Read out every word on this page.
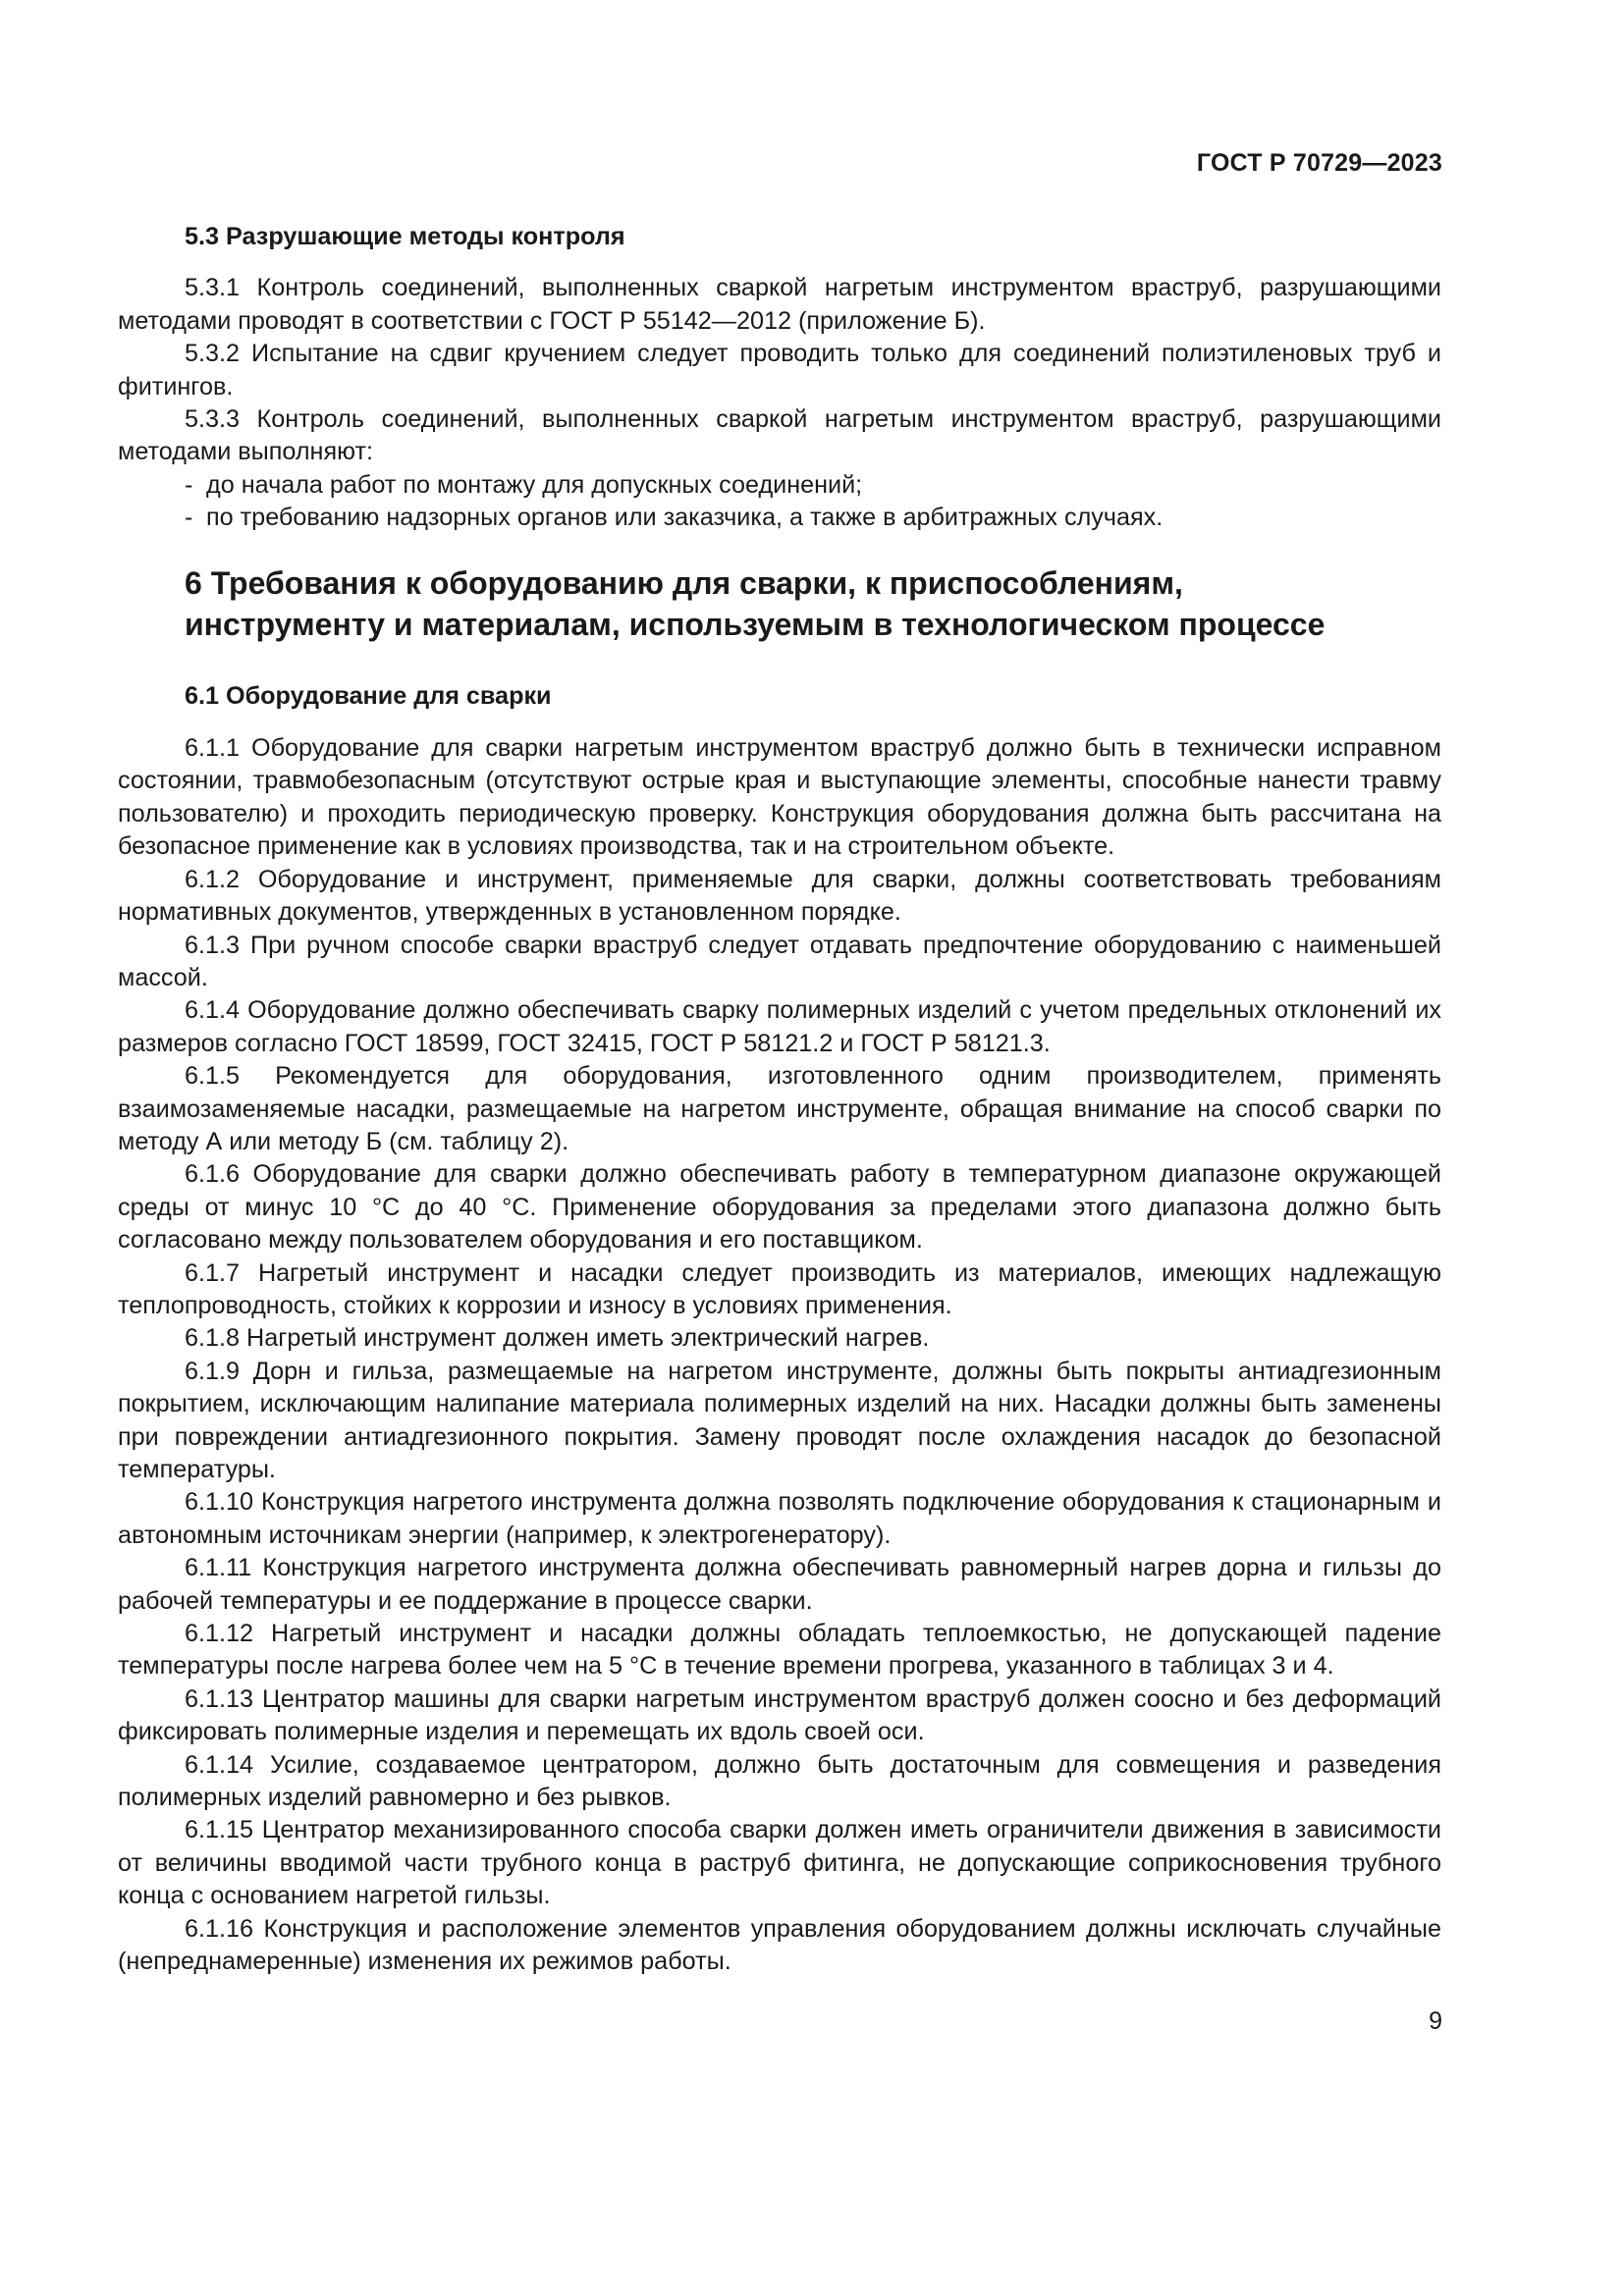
ГОСТ Р 70729—2023
5.3 Разрушающие методы контроля

5.3.1 Контроль соединений, выполненных сваркой нагретым инструментом враструб, разрушающими методами проводят в соответствии с ГОСТ Р 55142—2012 (приложение Б).

5.3.2 Испытание на сдвиг кручением следует проводить только для соединений полиэтиленовых труб и фитингов.

5.3.3 Контроль соединений, выполненных сваркой нагретым инструментом враструб, разрушающими методами выполняют:

- до начала работ по монтажу для допускных соединений;

- по требованию надзорных органов или заказчика, а также в арбитражных случаях.

6 Требования к оборудованию для сварки, к приспособлениям,
инструменту и материалам, используемым в технологическом процессе
6.1 Оборудование для сварки

6.1.1 Оборудование для сварки нагретым инструментом враструб должно быть в технически исправном состоянии, травмобезопасным (отсутствуют острые края и выступающие элементы, способные нанести травму пользователю) и проходить периодическую проверку. Конструкция оборудования должна быть рассчитана на безопасное применение как в условиях производства, так и на строительном объекте.

6.1.2 Оборудование и инструмент, применяемые для сварки, должны соответствовать требованиям нормативных документов, утвержденных в установленном порядке.

6.1.3 При ручном способе сварки враструб следует отдавать предпочтение оборудованию с наименьшей массой.

6.1.4 Оборудование должно обеспечивать сварку полимерных изделий с учетом предельных отклонений их размеров согласно ГОСТ 18599, ГОСТ 32415, ГОСТ Р 58121.2 и ГОСТ Р 58121.3.

6.1.5 Рекомендуется для оборудования, изготовленного одним производителем, применять взаимозаменяемые насадки, размещаемые на нагретом инструменте, обращая внимание на способ сварки по методу А или методу Б (см. таблицу 2).

6.1.6 Оборудование для сварки должно обеспечивать работу в температурном диапазоне окружающей среды от минус 10 °С до 40 °С. Применение оборудования за пределами этого диапазона должно быть согласовано между пользователем оборудования и его поставщиком.

6.1.7 Нагретый инструмент и насадки следует производить из материалов, имеющих надлежащую теплопроводность, стойких к коррозии и износу в условиях применения.

6.1.8 Нагретый инструмент должен иметь электрический нагрев.

6.1.9 Дорн и гильза, размещаемые на нагретом инструменте, должны быть покрыты антиадгезионным покрытием, исключающим налипание материала полимерных изделий на них. Насадки должны быть заменены при повреждении антиадгезионного покрытия. Замену проводят после охлаждения насадок до безопасной температуры.

6.1.10 Конструкция нагретого инструмента должна позволять подключение оборудования к стационарным и автономным источникам энергии (например, к электрогенератору).

6.1.11 Конструкция нагретого инструмента должна обеспечивать равномерный нагрев дорна и гильзы до рабочей температуры и ее поддержание в процессе сварки.

6.1.12 Нагретый инструмент и насадки должны обладать теплоемкостью, не допускающей падение температуры после нагрева более чем на 5 °С в течение времени прогрева, указанного в таблицах 3 и 4.

6.1.13 Центратор машины для сварки нагретым инструментом враструб должен соосно и без деформаций фиксировать полимерные изделия и перемещать их вдоль своей оси.

6.1.14 Усилие, создаваемое центратором, должно быть достаточным для совмещения и разведения полимерных изделий равномерно и без рывков.

6.1.15 Центратор механизированного способа сварки должен иметь ограничители движения в зависимости от величины вводимой части трубного конца в раструб фитинга, не допускающие соприкосновения трубного конца с основанием нагретой гильзы.

6.1.16 Конструкция и расположение элементов управления оборудованием должны исключать случайные (непреднамеренные) изменения их режимов работы.

9
